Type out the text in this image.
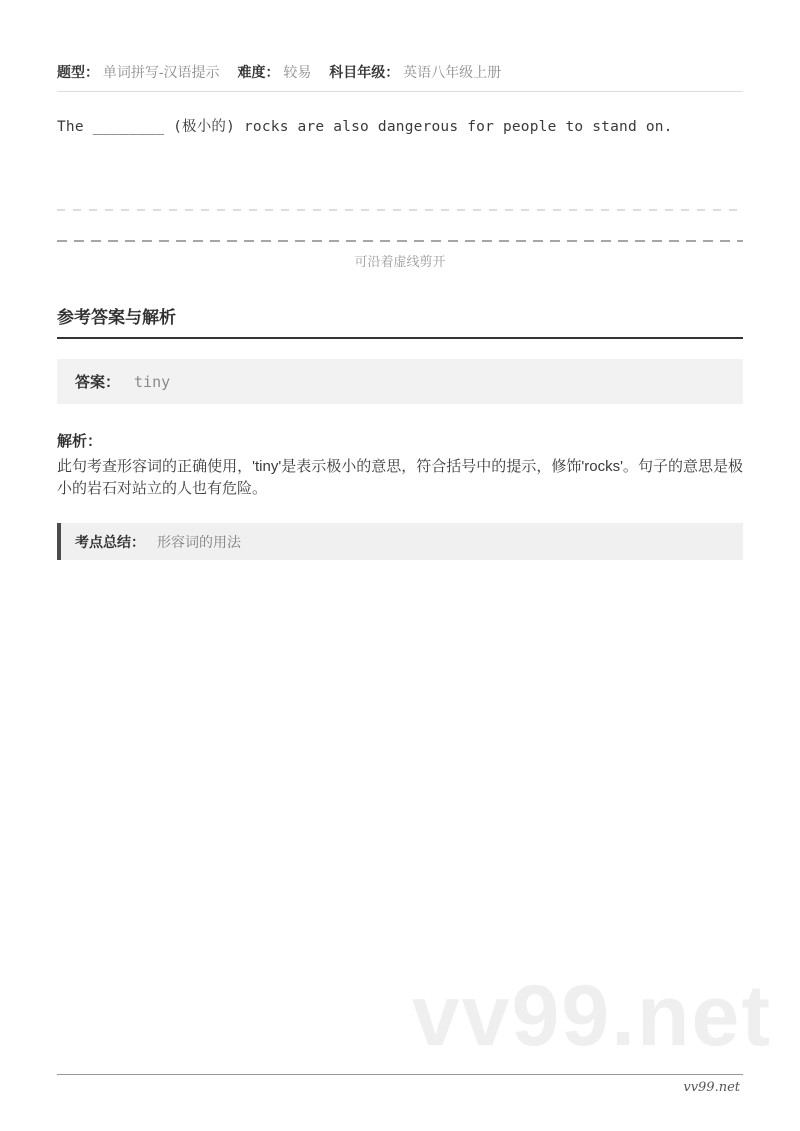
题型： 单词拼写-汉语提示 难度： 较易 科目年级： 英语八年级上册
The ________ (极小的) rocks are also dangerous for people to stand on.
可沿着虚线剪开
参考答案与解析
答案： tiny
解析：
此句考查形容词的正确使用，'tiny'是表示极小的意思，符合括号中的提示，修饰'rocks'。句子的意思是极小的岩石对站立的人也有危险。
考点总结： 形容词的用法
vv99.net
vv99.net
